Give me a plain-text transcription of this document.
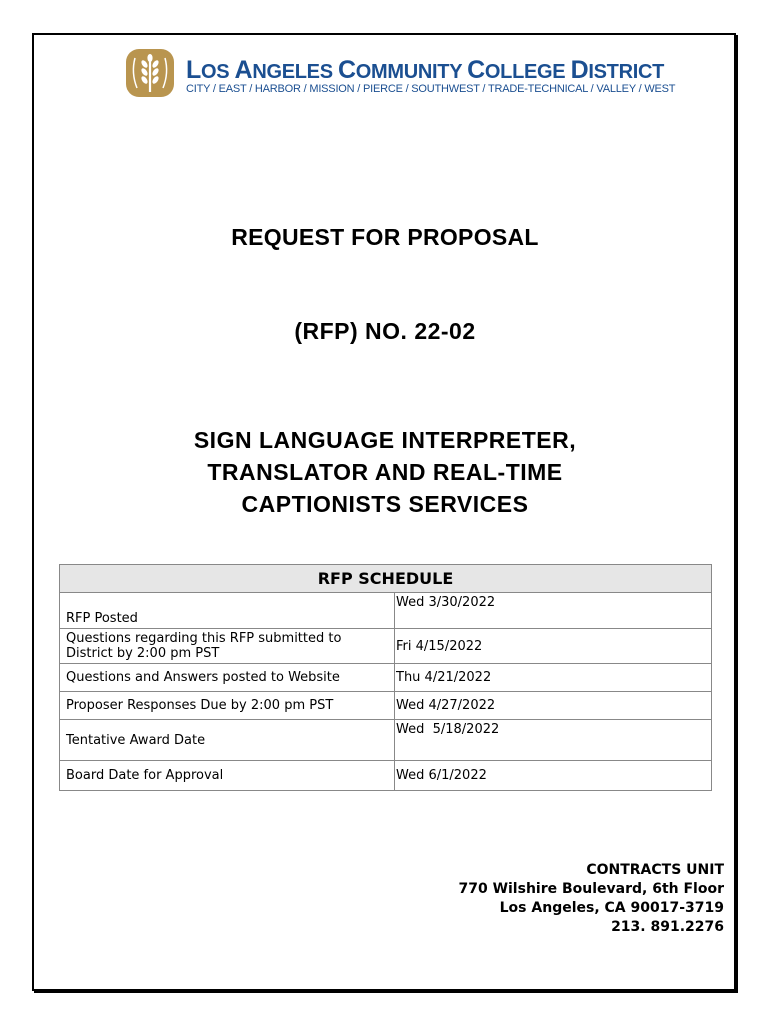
LOS ANGELES COMMUNITY COLLEGE DISTRICT
CITY / EAST / HARBOR / MISSION / PIERCE / SOUTHWEST / TRADE-TECHNICAL / VALLEY / WEST
REQUEST FOR PROPOSAL
(RFP) NO. 22-02
SIGN LANGUAGE INTERPRETER,
TRANSLATOR AND REAL-TIME
CAPTIONISTS SERVICES
RFP SCHEDULE	
RFP Posted	Wed 3/30/2022
Questions regarding this RFP submitted to District by 2:00 pm PST	Fri 4/15/2022
Questions and Answers posted to Website	Thu 4/21/2022
Proposer Responses Due by 2:00 pm PST	Wed 4/27/2022
Tentative Award Date	Wed  5/18/2022
Board Date for Approval	Wed 6/1/2022
CONTRACTS UNIT
770 Wilshire Boulevard, 6th Floor
Los Angeles, CA 90017-3719
213. 891.2276
